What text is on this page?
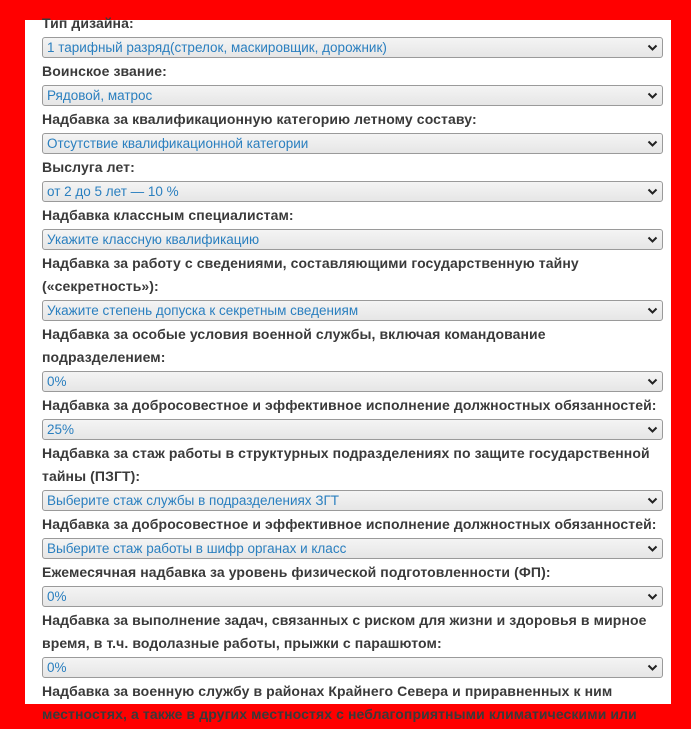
Тип дизайна:
1 тарифный разряд(стрелок, маскировщик, дорожник)
Воинское звание:
Рядовой, матрос
Надбавка за квалификационную категорию летному составу:
Отсутствие квалификационной категории
Выслуга лет:
от 2 до 5 лет — 10 %
Надбавка классным специалистам:
Укажите классную квалификацию
Надбавка за работу с сведениями, составляющими государственную тайну («секретность»):
Укажите степень допуска к секретным сведениям
Надбавка за особые условия военной службы, включая командование подразделением:
0%
Надбавка за добросовестное и эффективное исполнение должностных обязанностей:
25%
Надбавка за стаж работы в структурных подразделениях по защите государственной тайны (ПЗГТ):
Выберите стаж службы в подразделениях ЗГТ
Надбавка за добросовестное и эффективное исполнение должностных обязанностей:
Выберите стаж работы в шифр органах и класс
Ежемесячная надбавка за уровень физической подготовленности (ФП):
0%
Надбавка за выполнение задач, связанных с риском для жизни и здоровья в мирное время, в т.ч. водолазные работы, прыжки с парашютом:
0%
Надбавка за военную службу в районах Крайнего Севера и приравненных к ним местностях, а также в других местностях с неблагоприятными климатическими или
